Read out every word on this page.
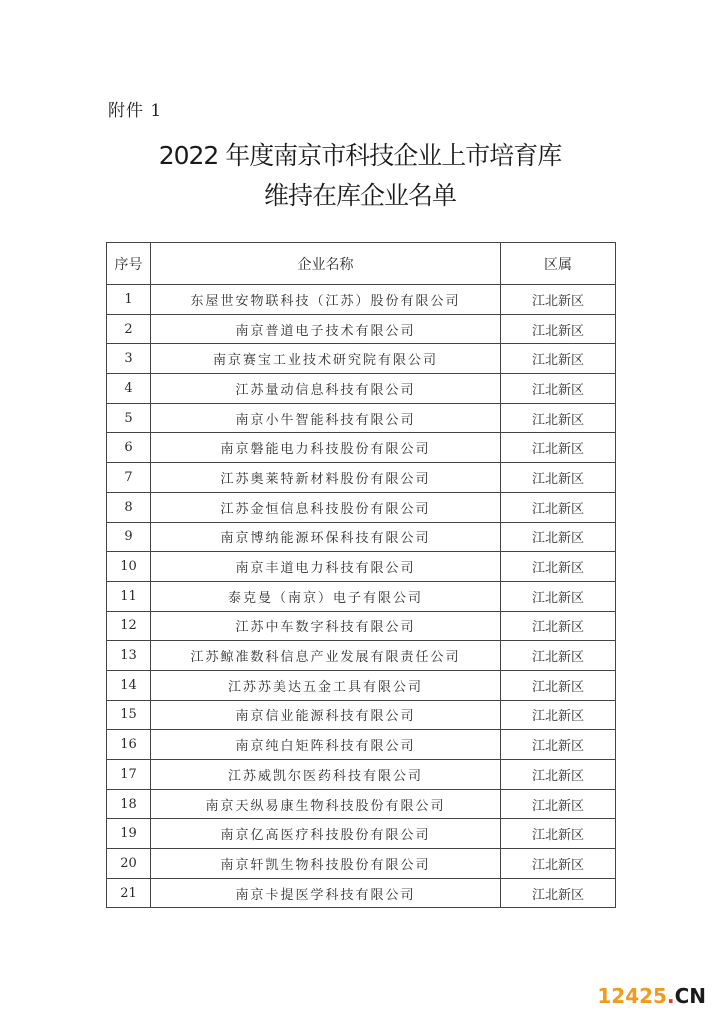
附件 1
2022 年度南京市科技企业上市培育库
维持在库企业名单
序号	企业名称	区属
1	东屋世安物联科技（江苏）股份有限公司	江北新区
2	南京普道电子技术有限公司	江北新区
3	南京赛宝工业技术研究院有限公司	江北新区
4	江苏量动信息科技有限公司	江北新区
5	南京小牛智能科技有限公司	江北新区
6	南京磐能电力科技股份有限公司	江北新区
7	江苏奥莱特新材料股份有限公司	江北新区
8	江苏金恒信息科技股份有限公司	江北新区
9	南京博纳能源环保科技有限公司	江北新区
10	南京丰道电力科技有限公司	江北新区
11	泰克曼（南京）电子有限公司	江北新区
12	江苏中车数字科技有限公司	江北新区
13	江苏鲸准数科信息产业发展有限责任公司	江北新区
14	江苏苏美达五金工具有限公司	江北新区
15	南京信业能源科技有限公司	江北新区
16	南京纯白矩阵科技有限公司	江北新区
17	江苏威凯尔医药科技有限公司	江北新区
18	南京天纵易康生物科技股份有限公司	江北新区
19	南京亿高医疗科技股份有限公司	江北新区
20	南京轩凯生物科技股份有限公司	江北新区
21	南京卡提医学科技有限公司	江北新区
12425.CN
